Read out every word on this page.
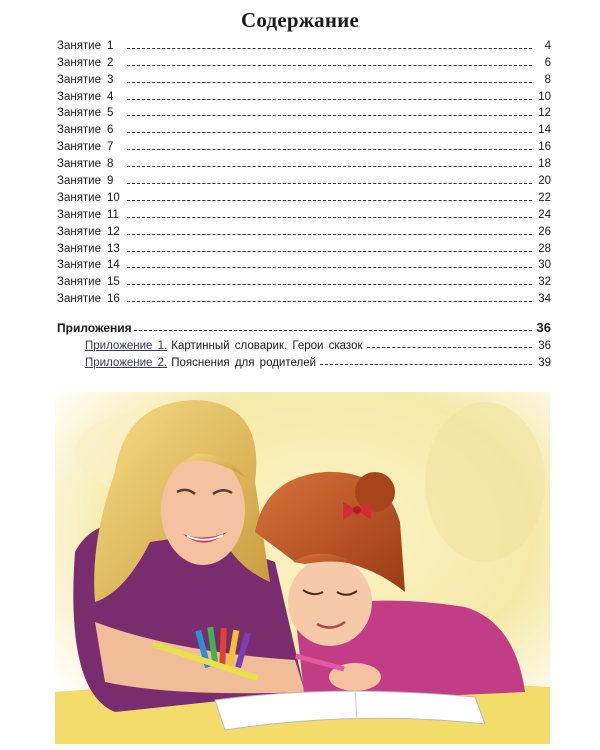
Содержание
Занятие 1	4
Занятие 2	6
Занятие 3	8
Занятие 4	10
Занятие 5	12
Занятие 6	14
Занятие 7	16
Занятие 8	18
Занятие 9	20
Занятие 10	22
Занятие 11	24
Занятие 12	26
Занятие 13	28
Занятие 14	30
Занятие 15	32
Занятие 16	34
Приложения	36
Приложение 1. Картинный словарик. Герои сказок	36
Приложение 2. Пояснения для родителей	39
